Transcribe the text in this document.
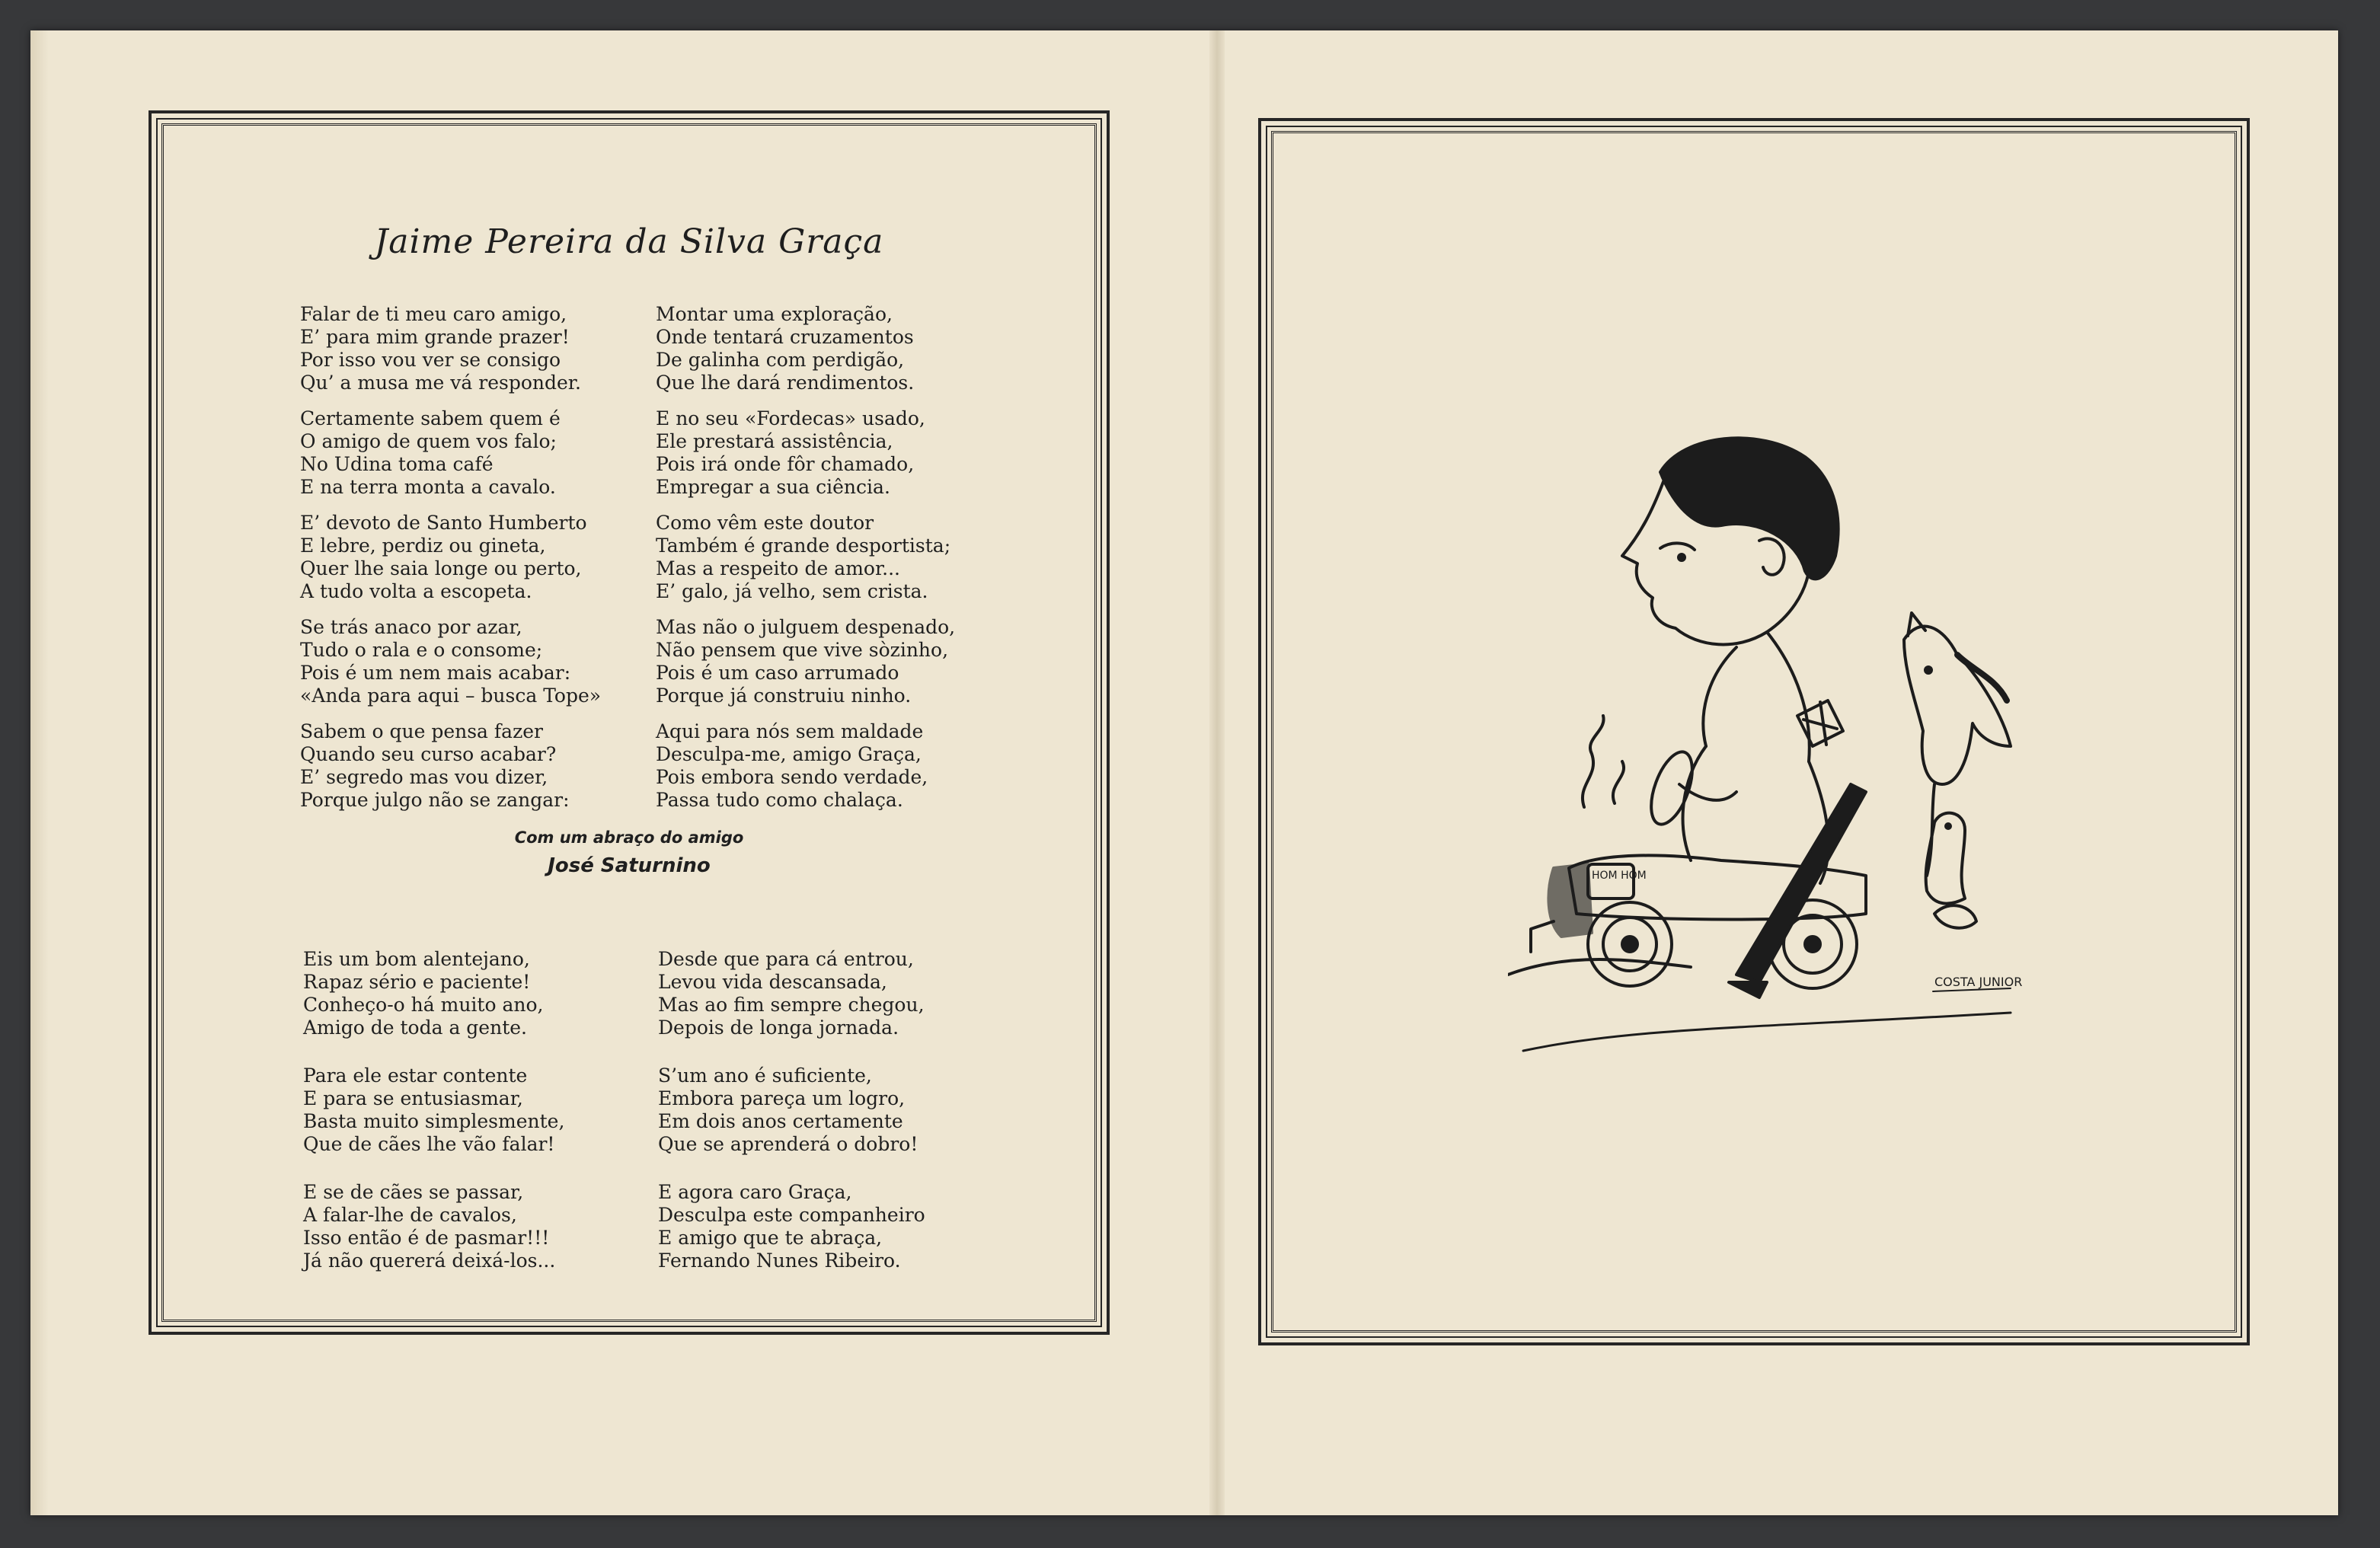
Jaime Pereira da Silva Graça
Falar de ti meu caro amigo,
E’ para mim grande prazer!
Por isso vou ver se consigo
Qu’ a musa me vá responder.
Certamente sabem quem é
O amigo de quem vos falo;
No Udina toma café
E na terra monta a cavalo.
E’ devoto de Santo Humberto
E lebre, perdiz ou gineta,
Quer lhe saia longe ou perto,
A tudo volta a escopeta.
Se trás anaco por azar,
Tudo o rala e o consome;
Pois é um nem mais acabar:
«Anda para aqui – busca Tope»
Sabem o que pensa fazer
Quando seu curso acabar?
E’ segredo mas vou dizer,
Porque julgo não se zangar:
Montar uma exploração,
Onde tentará cruzamentos
De galinha com perdigão,
Que lhe dará rendimentos.
E no seu «Fordecas» usado,
Ele prestará assistência,
Pois irá onde fôr chamado,
Empregar a sua ciência.
Como vêm este doutor
Também é grande desportista;
Mas a respeito de amor...
E’ galo, já velho, sem crista.
Mas não o julguem despenado,
Não pensem que vive sòzinho,
Pois é um caso arrumado
Porque já construiu ninho.
Aqui para nós sem maldade
Desculpa-me, amigo Graça,
Pois embora sendo verdade,
Passa tudo como chalaça.
Com um abraço do amigo
José Saturnino
Eis um bom alentejano,
Rapaz sério e paciente!
Conheço-o há muito ano,
Amigo de toda a gente.
Para ele estar contente
E para se entusiasmar,
Basta muito simplesmente,
Que de cães lhe vão falar!
E se de cães se passar,
A falar-lhe de cavalos,
Isso então é de pasmar!!!
Já não quererá deixá-los...
Desde que para cá entrou,
Levou vida descansada,
Mas ao fim sempre chegou,
Depois de longa jornada.
S’um ano é suficiente,
Embora pareça um logro,
Em dois anos certamente
Que se aprenderá o dobro!
E agora caro Graça,
Desculpa este companheiro
E amigo que te abraça,
Fernando Nunes Ribeiro.
HOM HOM
COSTA JUNIOR
